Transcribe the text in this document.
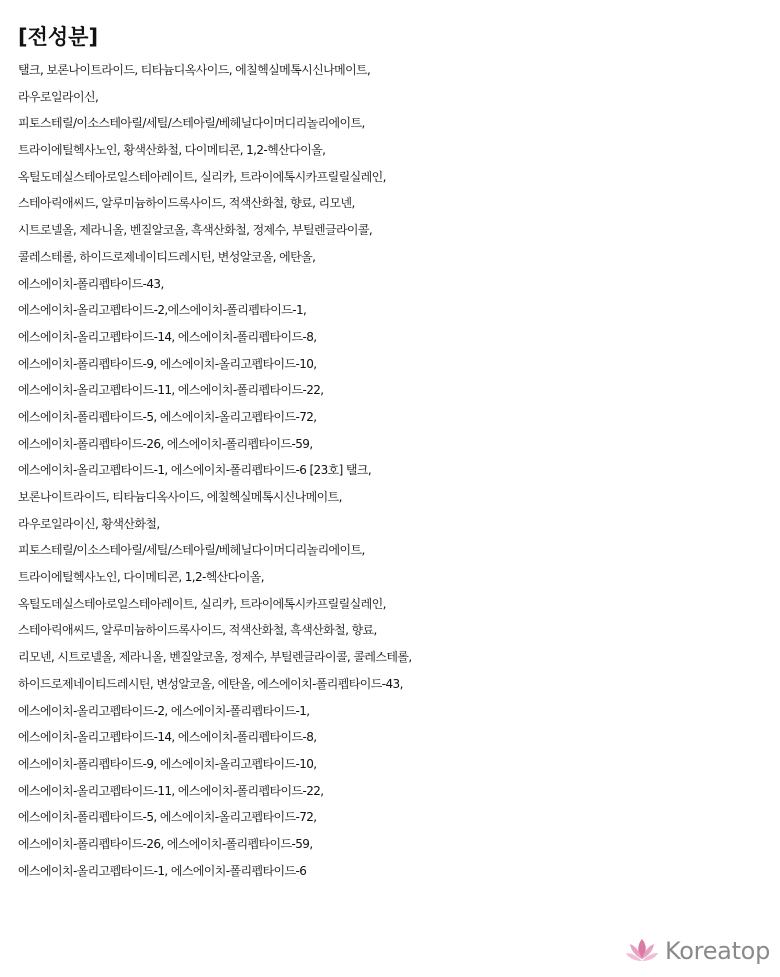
[전성분]
탤크, 보론나이트라이드, 티타늄디옥사이드, 에칠헥실메톡시신나메이트,
라우로일라이신,
피토스테릴/이소스테아릴/세틸/스테아릴/베헤닐다이머디리놀리에이트,
트라이에틸헥사노인, 황색산화철, 다이메티콘, 1,2-헥산다이올,
옥틸도데실스테아로일스테아레이트, 실리카, 트라이에톡시카프릴릴실레인,
스테아릭애씨드, 알루미늄하이드록사이드, 적색산화철, 향료, 리모넨,
시트로넬올, 제라니올, 벤질알코올, 흑색산화철, 정제수, 부틸렌글라이콜,
콜레스테롤, 하이드로제네이티드레시틴, 변성알코올, 에탄올,
에스에이치-폴리펩타이드-43,
에스에이치-올리고펩타이드-2,에스에이치-폴리펩타이드-1,
에스에이치-올리고펩타이드-14, 에스에이치-폴리펩타이드-8,
에스에이치-폴리펩타이드-9, 에스에이치-올리고펩타이드-10,
에스에이치-올리고펩타이드-11, 에스에이치-폴리펩타이드-22,
에스에이치-폴리펩타이드-5, 에스에이치-올리고펩타이드-72,
에스에이치-폴리펩타이드-26, 에스에이치-폴리펩타이드-59,
에스에이치-올리고펩타이드-1, 에스에이치-폴리펩타이드-6 [23호] 탤크,
보론나이트라이드, 티타늄디옥사이드, 에칠헥실메톡시신나메이트,
라우로일라이신, 황색산화철,
피토스테릴/이소스테아릴/세틸/스테아릴/베헤닐다이머디리놀리에이트,
트라이에틸헥사노인, 다이메티콘, 1,2-헥산다이올,
옥틸도데실스테아로일스테아레이트, 실리카, 트라이에톡시카프릴릴실레인,
스테아릭애씨드, 알루미늄하이드록사이드, 적색산화철, 흑색산화철, 향료,
리모넨, 시트로넬올, 제라니올, 벤질알코올, 정제수, 부틸렌글라이콜, 콜레스테롤,
하이드로제네이티드레시틴, 변성알코올, 에탄올, 에스에이치-폴리펩타이드-43,
에스에이치-올리고펩타이드-2, 에스에이치-폴리펩타이드-1,
에스에이치-올리고펩타이드-14, 에스에이치-폴리펩타이드-8,
에스에이치-폴리펩타이드-9, 에스에이치-올리고펩타이드-10,
에스에이치-올리고펩타이드-11, 에스에이치-폴리펩타이드-22,
에스에이치-폴리펩타이드-5, 에스에이치-올리고펩타이드-72,
에스에이치-폴리펩타이드-26, 에스에이치-폴리펩타이드-59,
에스에이치-올리고펩타이드-1, 에스에이치-폴리펩타이드-6
Koreatop
